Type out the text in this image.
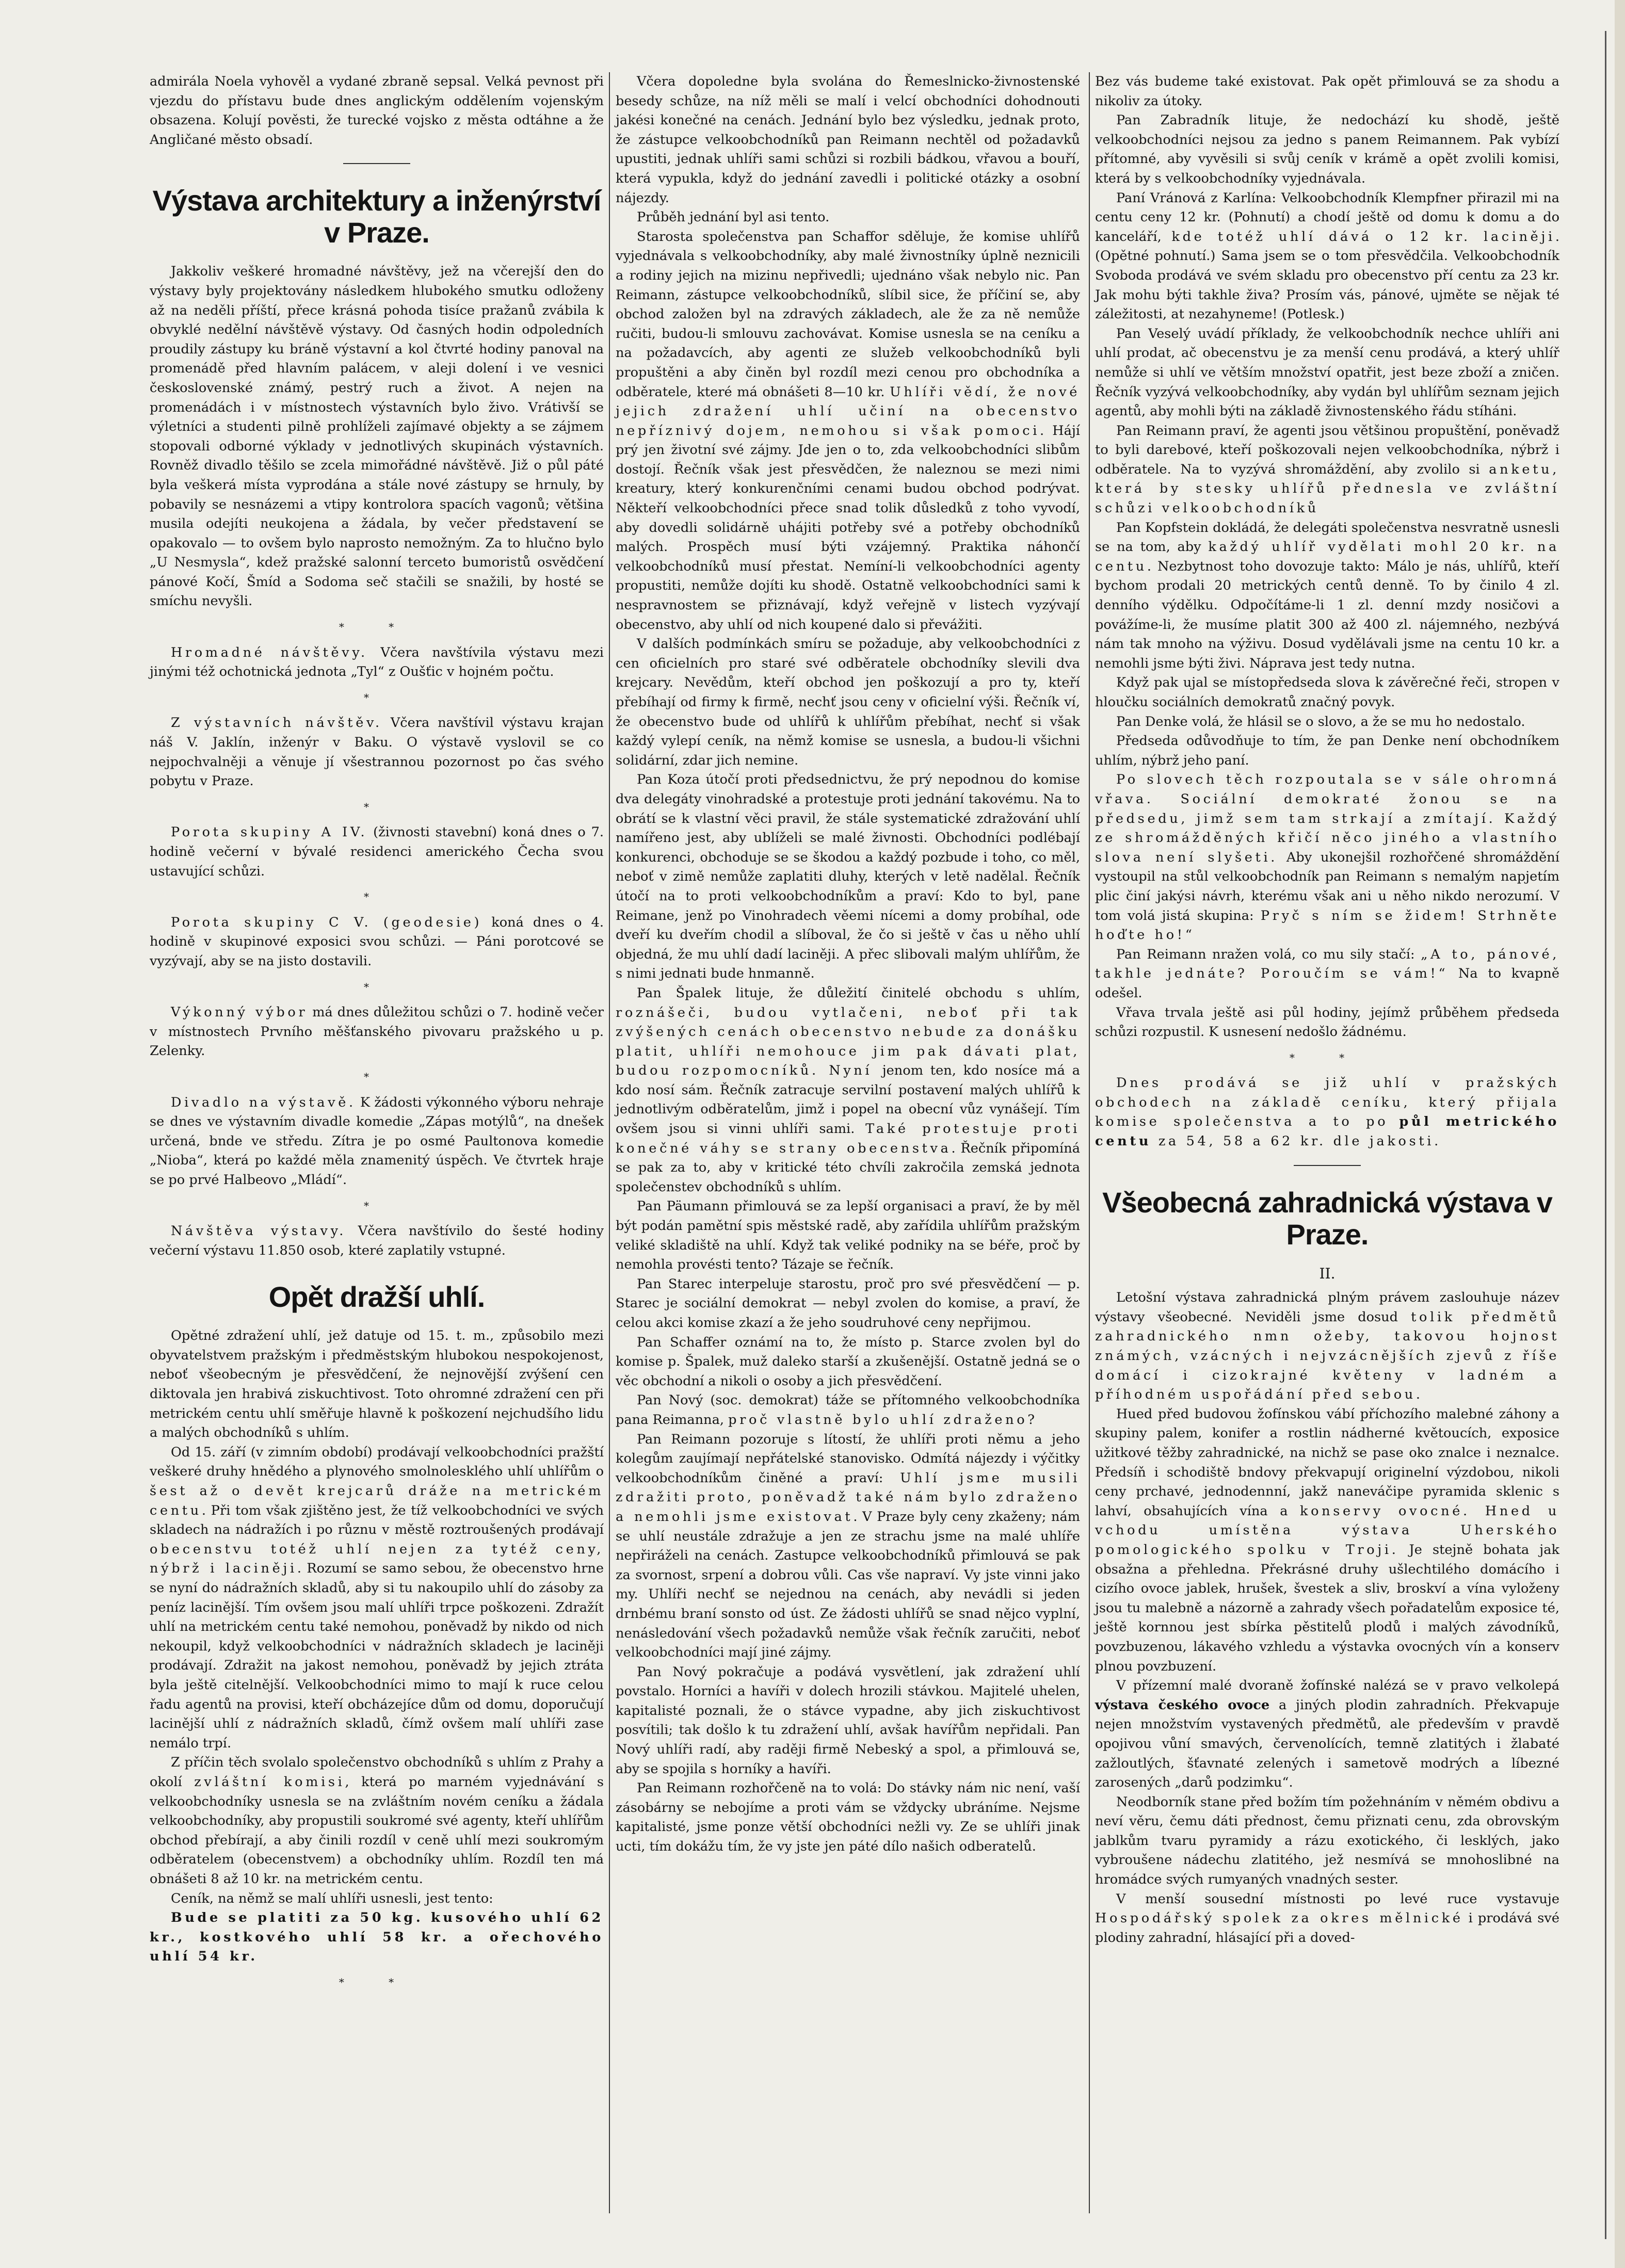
admirála Noela vyhověl a vydané zbraně sepsal. Velká pevnost při vjezdu do přístavu bude dnes anglickým oddělením vojenským obsazena. Kolují pověsti, že turecké vojsko z města odtáhne a že Angličané město obsadí.

Výstava architektury a inženýrství v Praze.

Jakkoliv veškeré hromadné návštěvy, jež na včerejší den do výstavy byly projektovány následkem hlubokého smutku odloženy až na neděli příští, přece krásná pohoda tisíce pražanů zvábila k obvyklé nedělní návštěvě výstavy. Od časných hodin odpoledních proudily zástupy ku bráně výstavní a kol čtvrté hodiny panoval na promenádě před hlavním palácem, v aleji dolení i ve vesnici československé známý, pestrý ruch a život. A nejen na promenádách i v místnostech výstavních bylo živo. Vrátivší se výletníci a studenti pilně prohlíželi zajímavé objekty a se zájmem stopovali odborné výklady v jednotlivých skupinách výstavních. Rovněž divadlo těšilo se zcela mimořádné návštěvě. Již o půl páté byla veškerá místa vyprodána a stále nové zástupy se hrnuly, by pobavily se nesnázemi a vtipy kontrolora spacích vagonů; většina musila odejíti neukojena a žádala, by večer představení se opakovalo — to ovšem bylo naprosto nemožným. Za to hlučno bylo „U Nesmysla“, kdež pražské salonní terceto bumoristů osvědčení pánové Kočí, Šmíd a Sodoma seč stačili se snažili, by hosté se smíchu nevyšli.

* *

Hromadné návštěvy. Včera navštívila výstavu mezi jinými též ochotnická jednota „Tyl“ z Oušťic v hojném počtu.

*

Z výstavních návštěv. Včera navštívil výstavu krajan náš V. Jaklín, inženýr v Baku. O výstavě vyslovil se co nejpochvalněji a věnuje jí všestrannou pozornost po čas svého pobytu v Praze.

*

Porota skupiny A IV. (živnosti stavební) koná dnes o 7. hodině večerní v bývalé residenci amerického Čecha svou ustavující schůzi.

*

Porota skupiny C V. (geodesie) koná dnes o 4. hodině v skupinové exposici svou schůzi. — Páni porotcové se vyzývají, aby se na jisto dostavili.

*

Výkonný výbor má dnes důležitou schůzi o 7. hodině večer v místnostech Prvního měšťanského pivovaru pražského u p. Zelenky.

*

Divadlo na výstavě. K žádosti výkonného výboru nehraje se dnes ve výstavním divadle komedie „Zápas motýlů“, na dnešek určená, bnde ve středu. Zítra je po osmé Paultonova komedie „Nioba“, která po každé měla znamenitý úspěch. Ve čtvrtek hraje se po prvé Halbeovo „Mládí“.

*

Návštěva výstavy. Včera navštívilo do šesté hodiny večerní výstavu 11.850 osob, které zaplatily vstupné.

Opět dražší uhlí.

Opětné zdražení uhlí, jež datuje od 15. t. m., způsobilo mezi obyvatelstvem pražským i předměstským hlubokou nespokojenost, neboť všeobecným je přesvědčení, že nejnovější zvýšení cen diktovala jen hrabivá ziskuchtivost. Toto ohromné zdražení cen při metrickém centu uhlí směřuje hlavně k poškození nejchudšího lidu a malých obchodníků s uhlím.

Od 15. září (v zimním období) prodávají velkoobchodníci pražští veškeré druhy hnědého a plynového smolnolesklého uhlí uhlířům o šest až o devět krejcarů dráže na metrickém centu. Při tom však zjištěno jest, že tíž velkoobchodníci ve svých skladech na nádražích i po různu v městě roztroušených prodávají obecenstvu totéž uhlí nejen za tytéž ceny, nýbrž i laciněji. Rozumí se samo sebou, že obecenstvo hrne se nyní do nádražních skladů, aby si tu nakoupilo uhlí do zásoby za peníz lacinější. Tím ovšem jsou malí uhlíři trpce poškozeni. Zdražít uhlí na metrickém centu také nemohou, poněvadž by nikdo od nich nekoupil, když velkoobchodníci v nádražních skladech je laciněji prodávají. Zdražit na jakost nemohou, poněvadž by jejich ztráta byla ještě citelnější. Velkoobchodníci mimo to mají k ruce celou řadu agentů na provisi, kteří obcházejíce dům od domu, doporučují lacinější uhlí z nádražních skladů, čímž ovšem malí uhlíři zase nemálo trpí.

Z příčin těch svolalo společenstvo obchodníků s uhlím z Prahy a okolí zvláštní komisi, která po marném vyjednávání s velkoobchodníky usnesla se na zvláštním novém ceníku a žádala velkoobchodníky, aby propustili soukromé své agenty, kteří uhlířům obchod přebírají, a aby činili rozdíl v ceně uhlí mezi soukromým odběratelem (obecenstvem) a obchodníky uhlím. Rozdíl ten má obnášeti 8 až 10 kr. na metrickém centu.

Ceník, na němž se malí uhlíři usnesli, jest tento:

Bude se platiti za 50 kg. kusového uhlí 62 kr., kostkového uhlí 58 kr. a ořechového uhlí 54 kr.

* *

Včera dopoledne byla svolána do Řemeslnicko-živnostenské besedy schůze, na níž měli se malí i velcí obchodníci dohodnouti jakési konečné na cenách. Jednání bylo bez výsledku, jednak proto, že zástupce velkoobchodníků pan Reimann nechtěl od požadavků upustiti, jednak uhlíři sami schůzi si rozbili bádkou, vřavou a bouří, která vypukla, když do jednání zavedli i politické otázky a osobní nájezdy.

Průběh jednání byl asi tento.

Starosta společenstva pan Schaffor sděluje, že komise uhlířů vyjednávala s velkoobchodníky, aby malé živnostníky úplně neznicili a rodiny jejich na mizinu nepřivedli; ujednáno však nebylo nic. Pan Reimann, zástupce velkoobchodníků, slíbil sice, že příčiní se, aby obchod založen byl na zdravých základech, ale že za ně nemůže ručiti, budou-li smlouvu zachovávat. Komise usnesla se na ceníku a na požadavcích, aby agenti ze služeb velkoobchodníků byli propuštěni a aby činěn byl rozdíl mezi cenou pro obchodníka a odběratele, které má obnášeti 8—10 kr. Uhlíři vědí, že nové jejich zdražení uhlí učiní na obecenstvo nepříznivý dojem, nemohou si však pomoci. Hájí prý jen životní své zájmy. Jde jen o to, zda velkoobchodníci slibům dostojí. Řečník však jest přesvědčen, že naleznou se mezi nimi kreatury, který konkurenčními cenami budou obchod podrývat. Někteří velkoobchodníci přece snad tolik důsledků z toho vyvodí, aby dovedli solidárně uhájiti potřeby své a potřeby obchodníků malých. Prospěch musí býti vzájemný. Praktika náhončí velkoobchodníků musí přestat. Nemíní-li velkoobchodníci agenty propustiti, nemůže dojíti ku shodě. Ostatně velkoobchodníci sami k nespravnostem se přiznávají, když veřejně v listech vyzývají obecenstvo, aby uhlí od nich koupené dalo si převážiti.

V dalších podmínkách smíru se požaduje, aby velkoobchodníci z cen oficielních pro staré své odběratele obchodníky slevili dva krejcary. Nevědům, kteří obchod jen poškozují a pro ty, kteří přebíhají od firmy k firmě, nechť jsou ceny v oficielní výši. Řečník ví, že obecenstvo bude od uhlířů k uhlířům přebíhat, nechť si však každý vylepí ceník, na němž komise se usnesla, a budou-li všichni solidární, zdar jich nemine.

Pan Koza útočí proti předsednictvu, že prý nepodnou do komise dva delegáty vinohradské a protestuje proti jednání takovému. Na to obrátí se k vlastní věci pravil, že stále systematické zdražování uhlí namířeno jest, aby ublíželi se malé živnosti. Obchodníci podlébají konkurenci, obchoduje se se škodou a každý pozbude i toho, co měl, neboť v zimě nemůže zaplatiti dluhy, kterých v letě nadělal. Řečník útočí na to proti velkoobchodníkům a praví: Kdo to byl, pane Reimane, jenž po Vinohradech věemi nícemi a domy probíhal, ode dveří ku dveřím chodil a slíboval, že čo si ještě v čas u něho uhlí objedná, že mu uhlí dadí laciněji. A přec slibovali malým uhlířům, že s nimi jednati bude hnmanně.

Pan Špalek lituje, že důležití činitelé obchodu s uhlím, roznášeči, budou vytlačeni, neboť při tak zvýšených cenách obecenstvo nebude za donášku platit, uhlíři nemohouce jim pak dávati plat, budou rozpomocníků. Nyní jenom ten, kdo nosíce má a kdo nosí sám. Řečník zatracuje servilní postavení malých uhlířů k jednotlivým odběratelům, jimž i popel na obecní vůz vynášejí. Tím ovšem jsou si vinni uhlíři sami. Také protestuje proti konečné váhy se strany obecenstva. Řečník připomíná se pak za to, aby v kritické této chvíli zakročila zemská jednota společenstev obchodníků s uhlím.

Pan Päumann přimlouvá se za lepší organisaci a praví, že by měl být podán pamětní spis městské radě, aby zařídila uhlířům pražským veliké skladiště na uhlí. Když tak veliké podniky na se béře, proč by nemohla provésti tento? Tázaje se řečník.

Pan Starec interpeluje starostu, proč pro své přesvědčení — p. Starec je sociální demokrat — nebyl zvolen do komise, a praví, že celou akci komise zkazí a že jeho soudruhové ceny nepřijmou.

Pan Schaffer oznámí na to, že místo p. Starce zvolen byl do komise p. Špalek, muž daleko starší a zkušenější. Ostatně jedná se o věc obchodní a nikoli o osoby a jich přesvědčení.

Pan Nový (soc. demokrat) táže se přítomného velkoobchodníka pana Reimanna, proč vlastně bylo uhlí zdraženo?

Pan Reimann pozoruje s lítostí, že uhlíři proti němu a jeho kolegům zaujímají nepřátelské stanovisko. Odmítá nájezdy i výčitky velkoobchodníkům činěné a praví: Uhlí jsme musili zdražiti proto, poněvadž také nám bylo zdraženo a nemohli jsme existovat. V Praze byly ceny zkaženy; nám se uhlí neustále zdražuje a jen ze strachu jsme na malé uhlíře nepřiráželi na cenách. Zastupce velkoobchodníků přimlouvá se pak za svornost, srpení a dobrou vůli. Cas vše napraví. Vy jste vinni jako my. Uhlíři nechť se nejednou na cenách, aby nevádli si jeden drnbému braní sonsto od úst. Ze žádosti uhlířů se snad nějco vyplní, nenásledování všech požadavků nemůže však řečník zaručiti, neboť velkoobchodníci mají jiné zájmy.

Pan Nový pokračuje a podává vysvětlení, jak zdražení uhlí povstalo. Horníci a havíři v dolech hrozili stávkou. Majitelé uhelen, kapitalisté poznali, že o stávce vypadne, aby jich ziskuchtivost posvítili; tak došlo k tu zdražení uhlí, avšak havířům nepřidali. Pan Nový uhlíři radí, aby raději firmě Nebeský a spol, a přimlouvá se, aby se spojila s horníky a havíři.

Pan Reimann rozhořčeně na to volá: Do stávky nám nic není, vaší zásobárny se nebojíme a proti vám se vždycky ubráníme. Nejsme kapitalisté, jsme ponze větší obchodníci nežli vy. Ze se uhlíři jinak ucti, tím dokážu tím, že vy jste jen páté dílo našich odberatelů.

Bez vás budeme také existovat. Pak opět přimlouvá se za shodu a nikoliv za útoky.

Pan Zabradník lituje, že nedochází ku shodě, ještě velkoobchodníci nejsou za jedno s panem Reimannem. Pak vybízí přítomné, aby vyvěsili si svůj ceník v krámě a opět zvolili komisi, která by s velkoobchodníky vyjednávala.

Paní Vránová z Karlína: Velkoobchodník Klempfner přirazil mi na centu ceny 12 kr. (Pohnutí) a chodí ještě od domu k domu a do kanceláří, kde totéž uhlí dává o 12 kr. laciněji. (Opětné pohnutí.) Sama jsem se o tom přesvědčila. Velkoobchodník Svoboda prodává ve svém skladu pro obecenstvo pří centu za 23 kr. Jak mohu býti takhle živa? Prosím vás, pánové, ujměte se nějak té záležitosti, at nezahyneme! (Potlesk.)

Pan Veselý uvádí příklady, že velkoobchodník nechce uhlíři ani uhlí prodat, ač obecenstvu je za menší cenu prodává, a který uhlíř nemůže si uhlí ve větším množství opatřit, jest beze zboží a zničen. Řečník vyzývá velkoobchodníky, aby vydán byl uhlířům seznam jejich agentů, aby mohli býti na základě živnostenského řádu stíháni.

Pan Reimann praví, že agenti jsou většinou propuštění, poněvadž to byli darebové, kteří poškozovali nejen velkoobchodníka, nýbrž i odběratele. Na to vyzývá shromáždění, aby zvolilo si anketu, která by stesky uhlířů přednesla ve zvláštní schůzi velkoobchodníků

Pan Kopfstein dokládá, že delegáti společenstva nesvratně usnesli se na tom, aby každý uhlíř vydělati mohl 20 kr. na centu. Nezbytnost toho dovozuje takto: Málo je nás, uhlířů, kteří bychom prodali 20 metrických centů denně. To by činilo 4 zl. denního výdělku. Odpočítáme-li 1 zl. denní mzdy nosičovi a povážíme-li, že musíme platit 300 až 400 zl. nájemného, nezbývá nám tak mnoho na výživu. Dosud vydělávali jsme na centu 10 kr. a nemohli jsme býti živi. Náprava jest tedy nutna.

Když pak ujal se místopředseda slova k závěrečné řeči, stropen v hloučku sociálních demokratů značný povyk.

Pan Denke volá, že hlásil se o slovo, a že se mu ho nedostalo.

Předseda odůvodňuje to tím, že pan Denke není obchodníkem uhlím, nýbrž jeho paní.

Po slovech těch rozpoutala se v sále ohromná vřava. Sociální demokraté žonou se na předsedu, jimž sem tam strkají a zmítají. Každý ze shromážděných křičí něco jiného a vlastního slova není slyšeti. Aby ukonejšil rozhořčené shromáždění vystoupil na stůl velkoobchodník pan Reimann s nemalým napjetím plic činí jakýsi návrh, kterému však ani u něho nikdo nerozumí. V tom volá jistá skupina: Pryč s ním se židem! Strhněte hoďte ho!“

Pan Reimann nražen volá, co mu sily stačí: „A to, pánové, takhle jednáte? Poroučím se vám!“ Na to kvapně odešel.

Vřava trvala ještě asi půl hodiny, jejímž průběhem předseda schůzi rozpustil. K usnesení nedošlo žádnému.

* *

Dnes prodává se již uhlí v pražských obchodech na základě ceníku, který přijala komise společenstva a to po půl metrického centu za 54, 58 a 62 kr. dle jakosti.

Všeobecná zahradnická výstava v Praze.
II.

Letošní výstava zahradnická plným právem zaslouhuje název výstavy všeobecné. Neviděli jsme dosud tolik předmětů zahradnického nmn ožeby, takovou hojnost známých, vzácných i nejvzácnějších zjevů z říše domácí i cizokrajné květeny v ladném a příhodném uspořádání před sebou.

Hued před budovou žofínskou vábí příchozího malebné záhony a skupiny palem, konifer a rostlin nádherné květoucích, exposice užitkové těžby zahradnické, na nichž se pase oko znalce i neznalce. Předsíň i schodiště bndovy překvapují originelní výzdobou, nikoli ceny prchavé, jednodennní, jakž naneváčipe pyramida sklenic s lahví, obsahujících vína a konservy ovocné. Hned u vchodu umístěna výstava Uherského pomologického spolku v Troji. Je stejně bohata jak obsažna a přehledna. Překrásné druhy ušlechtilého domácího i cizího ovoce jablek, hrušek, švestek a sliv, broskví a vína vyloženy jsou tu malebně a názorně a zahrady všech pořadatelům exposice té, ještě kornnou jest sbírka pěstitelů plodů i malých závodníků, povzbuzenou, lákavého vzhledu a výstavka ovocných vín a konserv plnou povzbuzení.

V přízemní malé dvoraně žofínské nalézá se v pravo velkolepá výstava českého ovoce a jiných plodin zahradních. Překvapuje nejen množstvím vystavených předmětů, ale především v pravdě opojivou vůní smavých, červenolících, temně zlatitých i žlabaté zažloutlých, šťavnaté zelených i sametově modrých a líbezné zarosených „darů podzimku“.

Neodborník stane před božím tím požehnáním v němém obdivu a neví věru, čemu dáti přednost, čemu přiznati cenu, zda obrovským jablkům tvaru pyramidy a rázu exotického, či lesklých, jako vybroušene nádechu zlatitého, jež nesmívá se mnohoslibné na hromádce svých rumyaných vnadných sester.

V menší sousední místnosti po levé ruce vystavuje Hospodářský spolek za okres mělnické i prodává své plodiny zahradní, hlásající při a doved-
